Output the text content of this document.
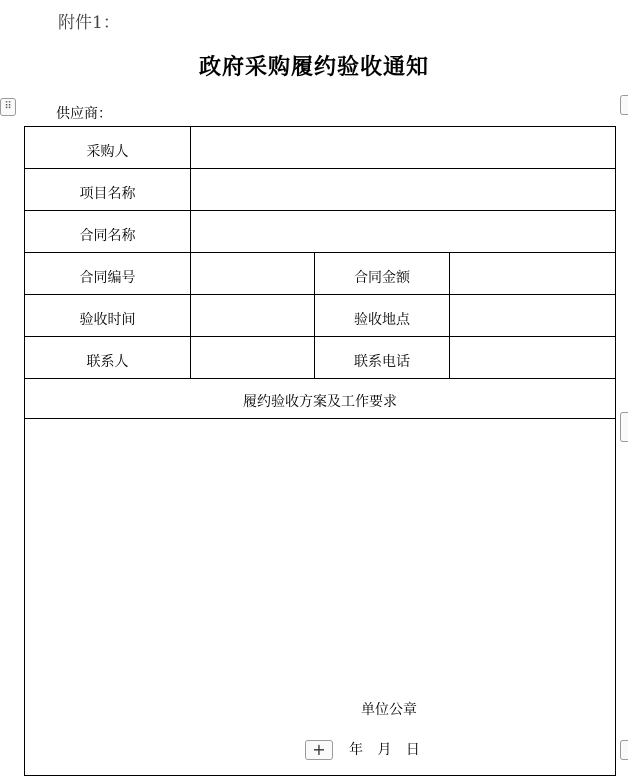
附件1：
政府采购履约验收通知
⠿	供应商：
采购人			
项目名称			
合同名称			
合同编号		合同金额	
验收时间		验收地点	
联系人		联系电话	
履约验收方案及工作要求			

单位公章
年 月 日			
+
